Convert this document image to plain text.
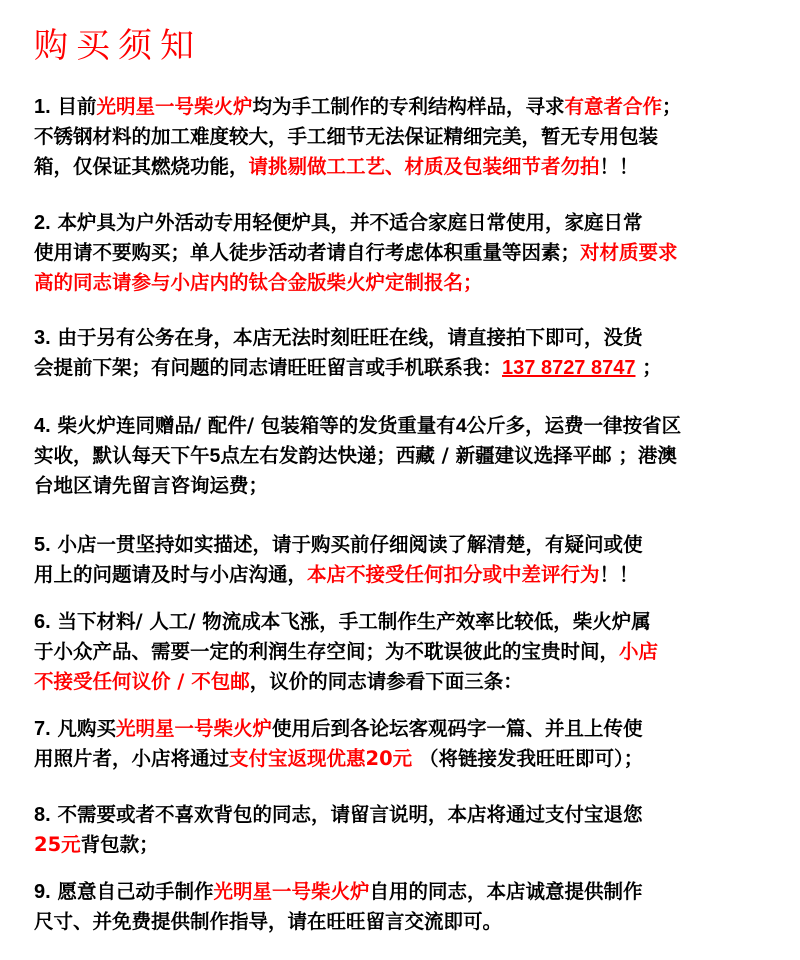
购买须知
1. 目前光明星一号柴火炉均为手工制作的专利结构样品，寻求有意者合作；
不锈钢材料的加工难度较大，手工细节无法保证精细完美，暂无专用包装
箱，仅保证其燃烧功能，请挑剔做工工艺、材质及包装细节者勿拍！！
2. 本炉具为户外活动专用轻便炉具，并不适合家庭日常使用，家庭日常
使用请不要购买；单人徒步活动者请自行考虑体积重量等因素；对材质要求
高的同志请参与小店内的钛合金版柴火炉定制报名；
3. 由于另有公务在身，本店无法时刻旺旺在线，请直接拍下即可，没货
会提前下架；有问题的同志请旺旺留言或手机联系我：137 8727 8747 ；
4. 柴火炉连同赠品/ 配件/ 包装箱等的发货重量有4公斤多，运费一律按省区
实收，默认每天下午5点左右发韵达快递；西藏 / 新疆建议选择平邮 ；港澳
台地区请先留言咨询运费；
5. 小店一贯坚持如实描述，请于购买前仔细阅读了解清楚，有疑问或使
用上的问题请及时与小店沟通，本店不接受任何扣分或中差评行为！！
6. 当下材料/ 人工/ 物流成本飞涨，手工制作生产效率比较低，柴火炉属
于小众产品、需要一定的利润生存空间；为不耽误彼此的宝贵时间，小店
不接受任何议价 / 不包邮，议价的同志请参看下面三条：
7. 凡购买光明星一号柴火炉使用后到各论坛客观码字一篇、并且上传使
用照片者，小店将通过支付宝返现优惠20元 （将链接发我旺旺即可）；
8. 不需要或者不喜欢背包的同志，请留言说明，本店将通过支付宝退您
25元背包款；
9. 愿意自己动手制作光明星一号柴火炉自用的同志，本店诚意提供制作
尺寸、并免费提供制作指导，请在旺旺留言交流即可。
